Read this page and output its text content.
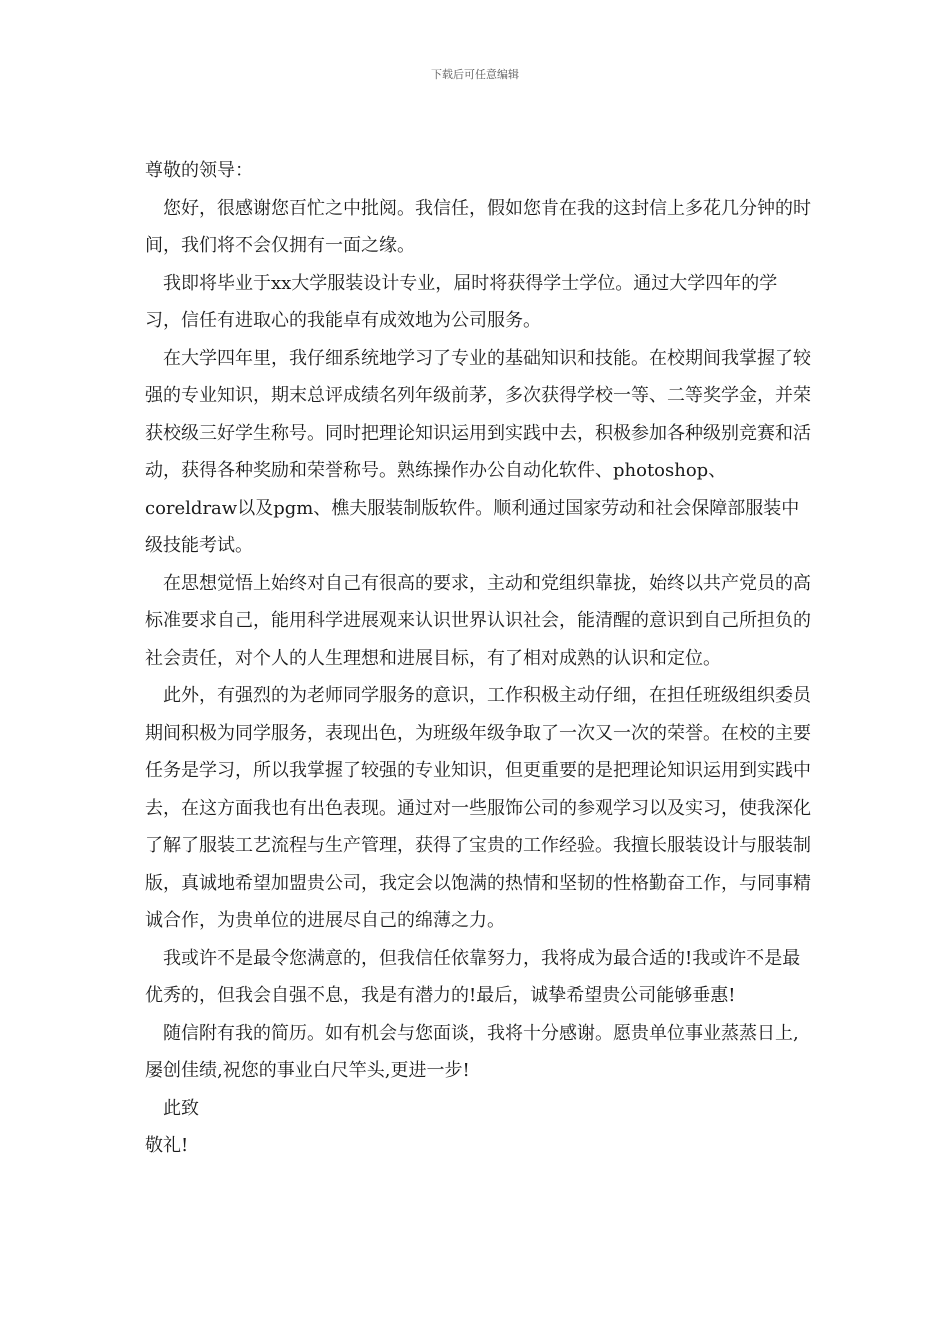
下载后可任意编辑

尊敬的领导：

您好，很感谢您百忙之中批阅。我信任，假如您肯在我的这封信上多花几分钟的时间，我们将不会仅拥有一面之缘。

我即将毕业于xx大学服装设计专业，届时将获得学士学位。通过大学四年的学习，信任有进取心的我能卓有成效地为公司服务。

在大学四年里，我仔细系统地学习了专业的基础知识和技能。在校期间我掌握了较强的专业知识，期末总评成绩名列年级前茅，多次获得学校一等、二等奖学金，并荣获校级三好学生称号。同时把理论知识运用到实践中去，积极参加各种级别竞赛和活动，获得各种奖励和荣誉称号。熟练操作办公自动化软件、photoshop、coreldraw以及pgm、樵夫服装制版软件。顺利通过国家劳动和社会保障部服装中级技能考试。

在思想觉悟上始终对自己有很高的要求，主动和党组织靠拢，始终以共产党员的高标准要求自己，能用科学进展观来认识世界认识社会，能清醒的意识到自己所担负的社会责任，对个人的人生理想和进展目标，有了相对成熟的认识和定位。

此外，有强烈的为老师同学服务的意识，工作积极主动仔细，在担任班级组织委员期间积极为同学服务，表现出色，为班级年级争取了一次又一次的荣誉。在校的主要任务是学习，所以我掌握了较强的专业知识，但更重要的是把理论知识运用到实践中去，在这方面我也有出色表现。通过对一些服饰公司的参观学习以及实习，使我深化了解了服装工艺流程与生产管理，获得了宝贵的工作经验。我擅长服装设计与服装制版，真诚地希望加盟贵公司，我定会以饱满的热情和坚韧的性格勤奋工作，与同事精诚合作，为贵单位的进展尽自己的绵薄之力。

我或许不是最令您满意的，但我信任依靠努力，我将成为最合适的!我或许不是最优秀的，但我会自强不息，我是有潜力的!最后，诚挚希望贵公司能够垂惠!

随信附有我的简历。如有机会与您面谈，我将十分感谢。愿贵单位事业蒸蒸日上,屡创佳绩,祝您的事业白尺竿头,更进一步!

此致

敬礼!
